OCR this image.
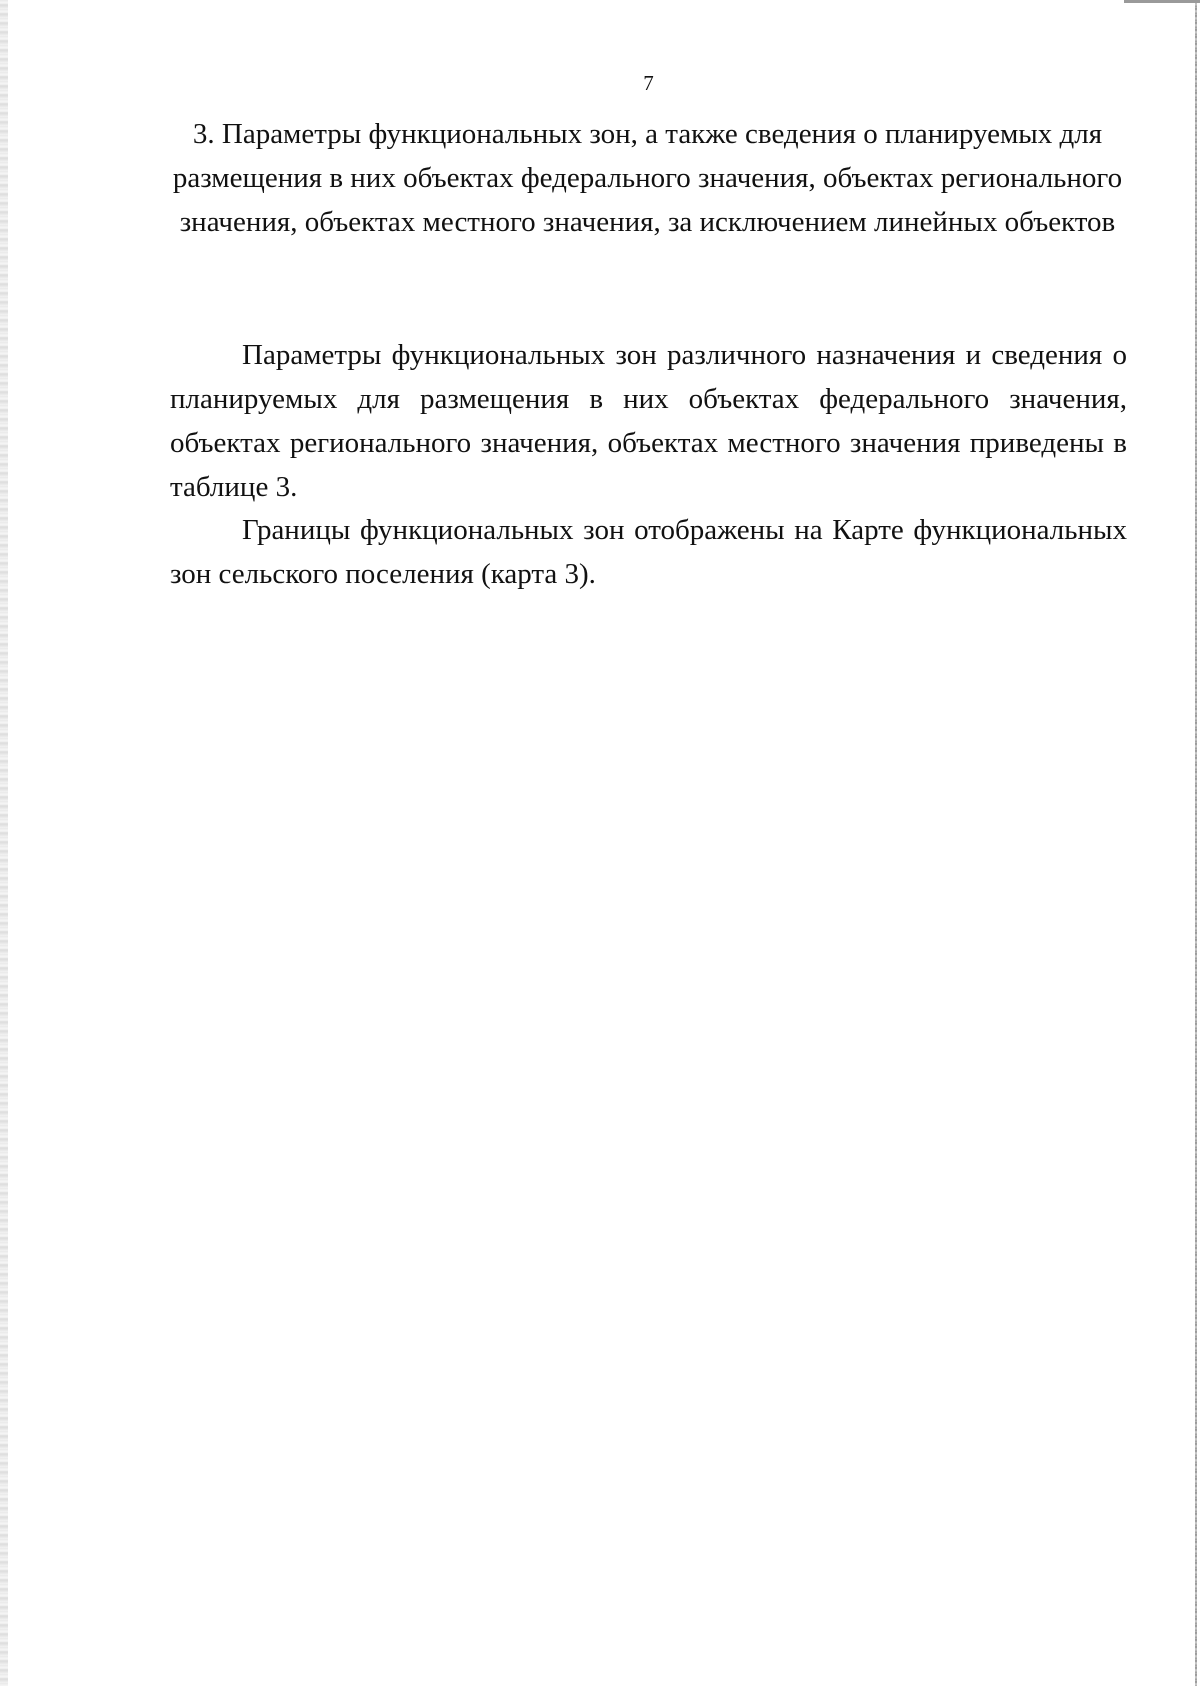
7
3. Параметры функциональных зон, а также сведения о планируемых для размещения в них объектах федерального значения, объектах регионального значения, объектах местного значения, за исключением линейных объектов

Параметры функциональных зон различного назначения и сведения о планируемых для размещения в них объектах федерального значения, объектах регионального значения, объектах местного значения приведены в таблице 3.

Границы функциональных зон отображены на Карте функциональных зон сельского поселения (карта 3).
